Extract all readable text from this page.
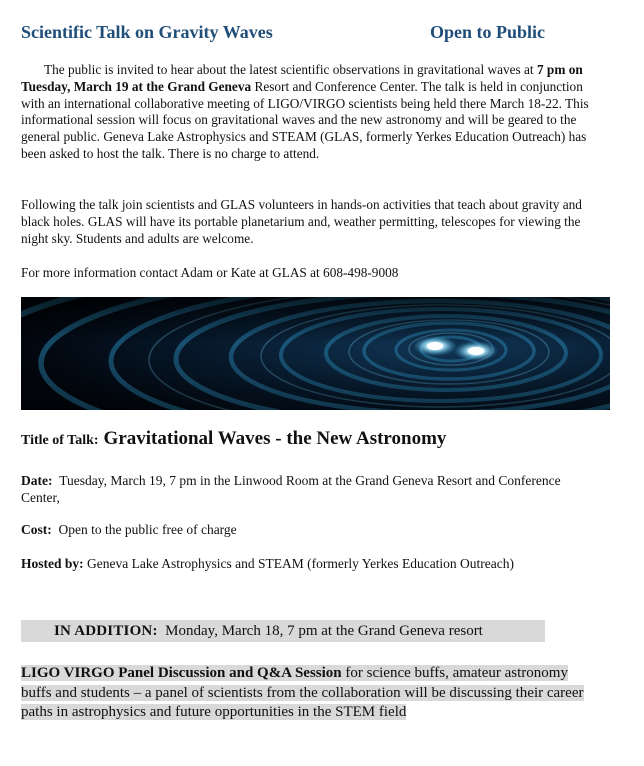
Scientific Talk on Gravity Waves	Open to Public
The public is invited to hear about the latest scientific observations in gravitational waves at 7 pm on Tuesday, March 19 at the Grand Geneva Resort and Conference Center. The talk is held in conjunction with an international collaborative meeting of LIGO/VIRGO scientists being held there March 18-22. This informational session will focus on gravitational waves and the new astronomy and will be geared to the general public. Geneva Lake Astrophysics and STEAM (GLAS, formerly Yerkes Education Outreach) has been asked to host the talk. There is no charge to attend.
Following the talk join scientists and GLAS volunteers in hands-on activities that teach about gravity and black holes. GLAS will have its portable planetarium and, weather permitting, telescopes for viewing the night sky. Students and adults are welcome.
For more information contact Adam or Kate at GLAS at 608-498-9008
Title of Talk: Gravitational Waves - the New Astronomy
Date: Tuesday, March 19, 7 pm in the Linwood Room at the Grand Geneva Resort and Conference Center,
Cost: Open to the public free of charge
Hosted by: Geneva Lake Astrophysics and STEAM (formerly Yerkes Education Outreach)
IN ADDITION: Monday, March 18, 7 pm at the Grand Geneva resort
LIGO VIRGO Panel Discussion and Q&A Session for science buffs, amateur astronomy buffs and students – a panel of scientists from the collaboration will be discussing their career paths in astrophysics and future opportunities in the STEM field
